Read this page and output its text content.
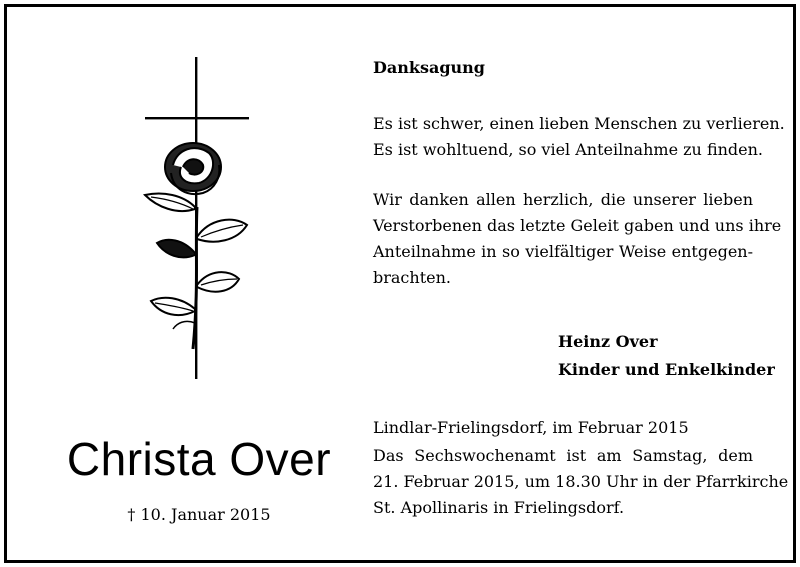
Christa Over
† 10. Januar 2015
Danksagung
Es ist schwer, einen lieben Menschen zu verlieren.
Es ist wohltuend, so viel Anteilnahme zu finden.
Wir danken allen herzlich, die unserer lieben
Verstorbenen das letzte Geleit gaben und uns ihre
Anteilnahme in so vielfältiger Weise entgegen-
brachten.
Heinz Over
Kinder und Enkelkinder
Lindlar-Frielingsdorf, im Februar 2015
Das Sechswochenamt ist am Samstag, dem
21. Februar 2015, um 18.30 Uhr in der Pfarrkirche
St. Apollinaris in Frielingsdorf.
